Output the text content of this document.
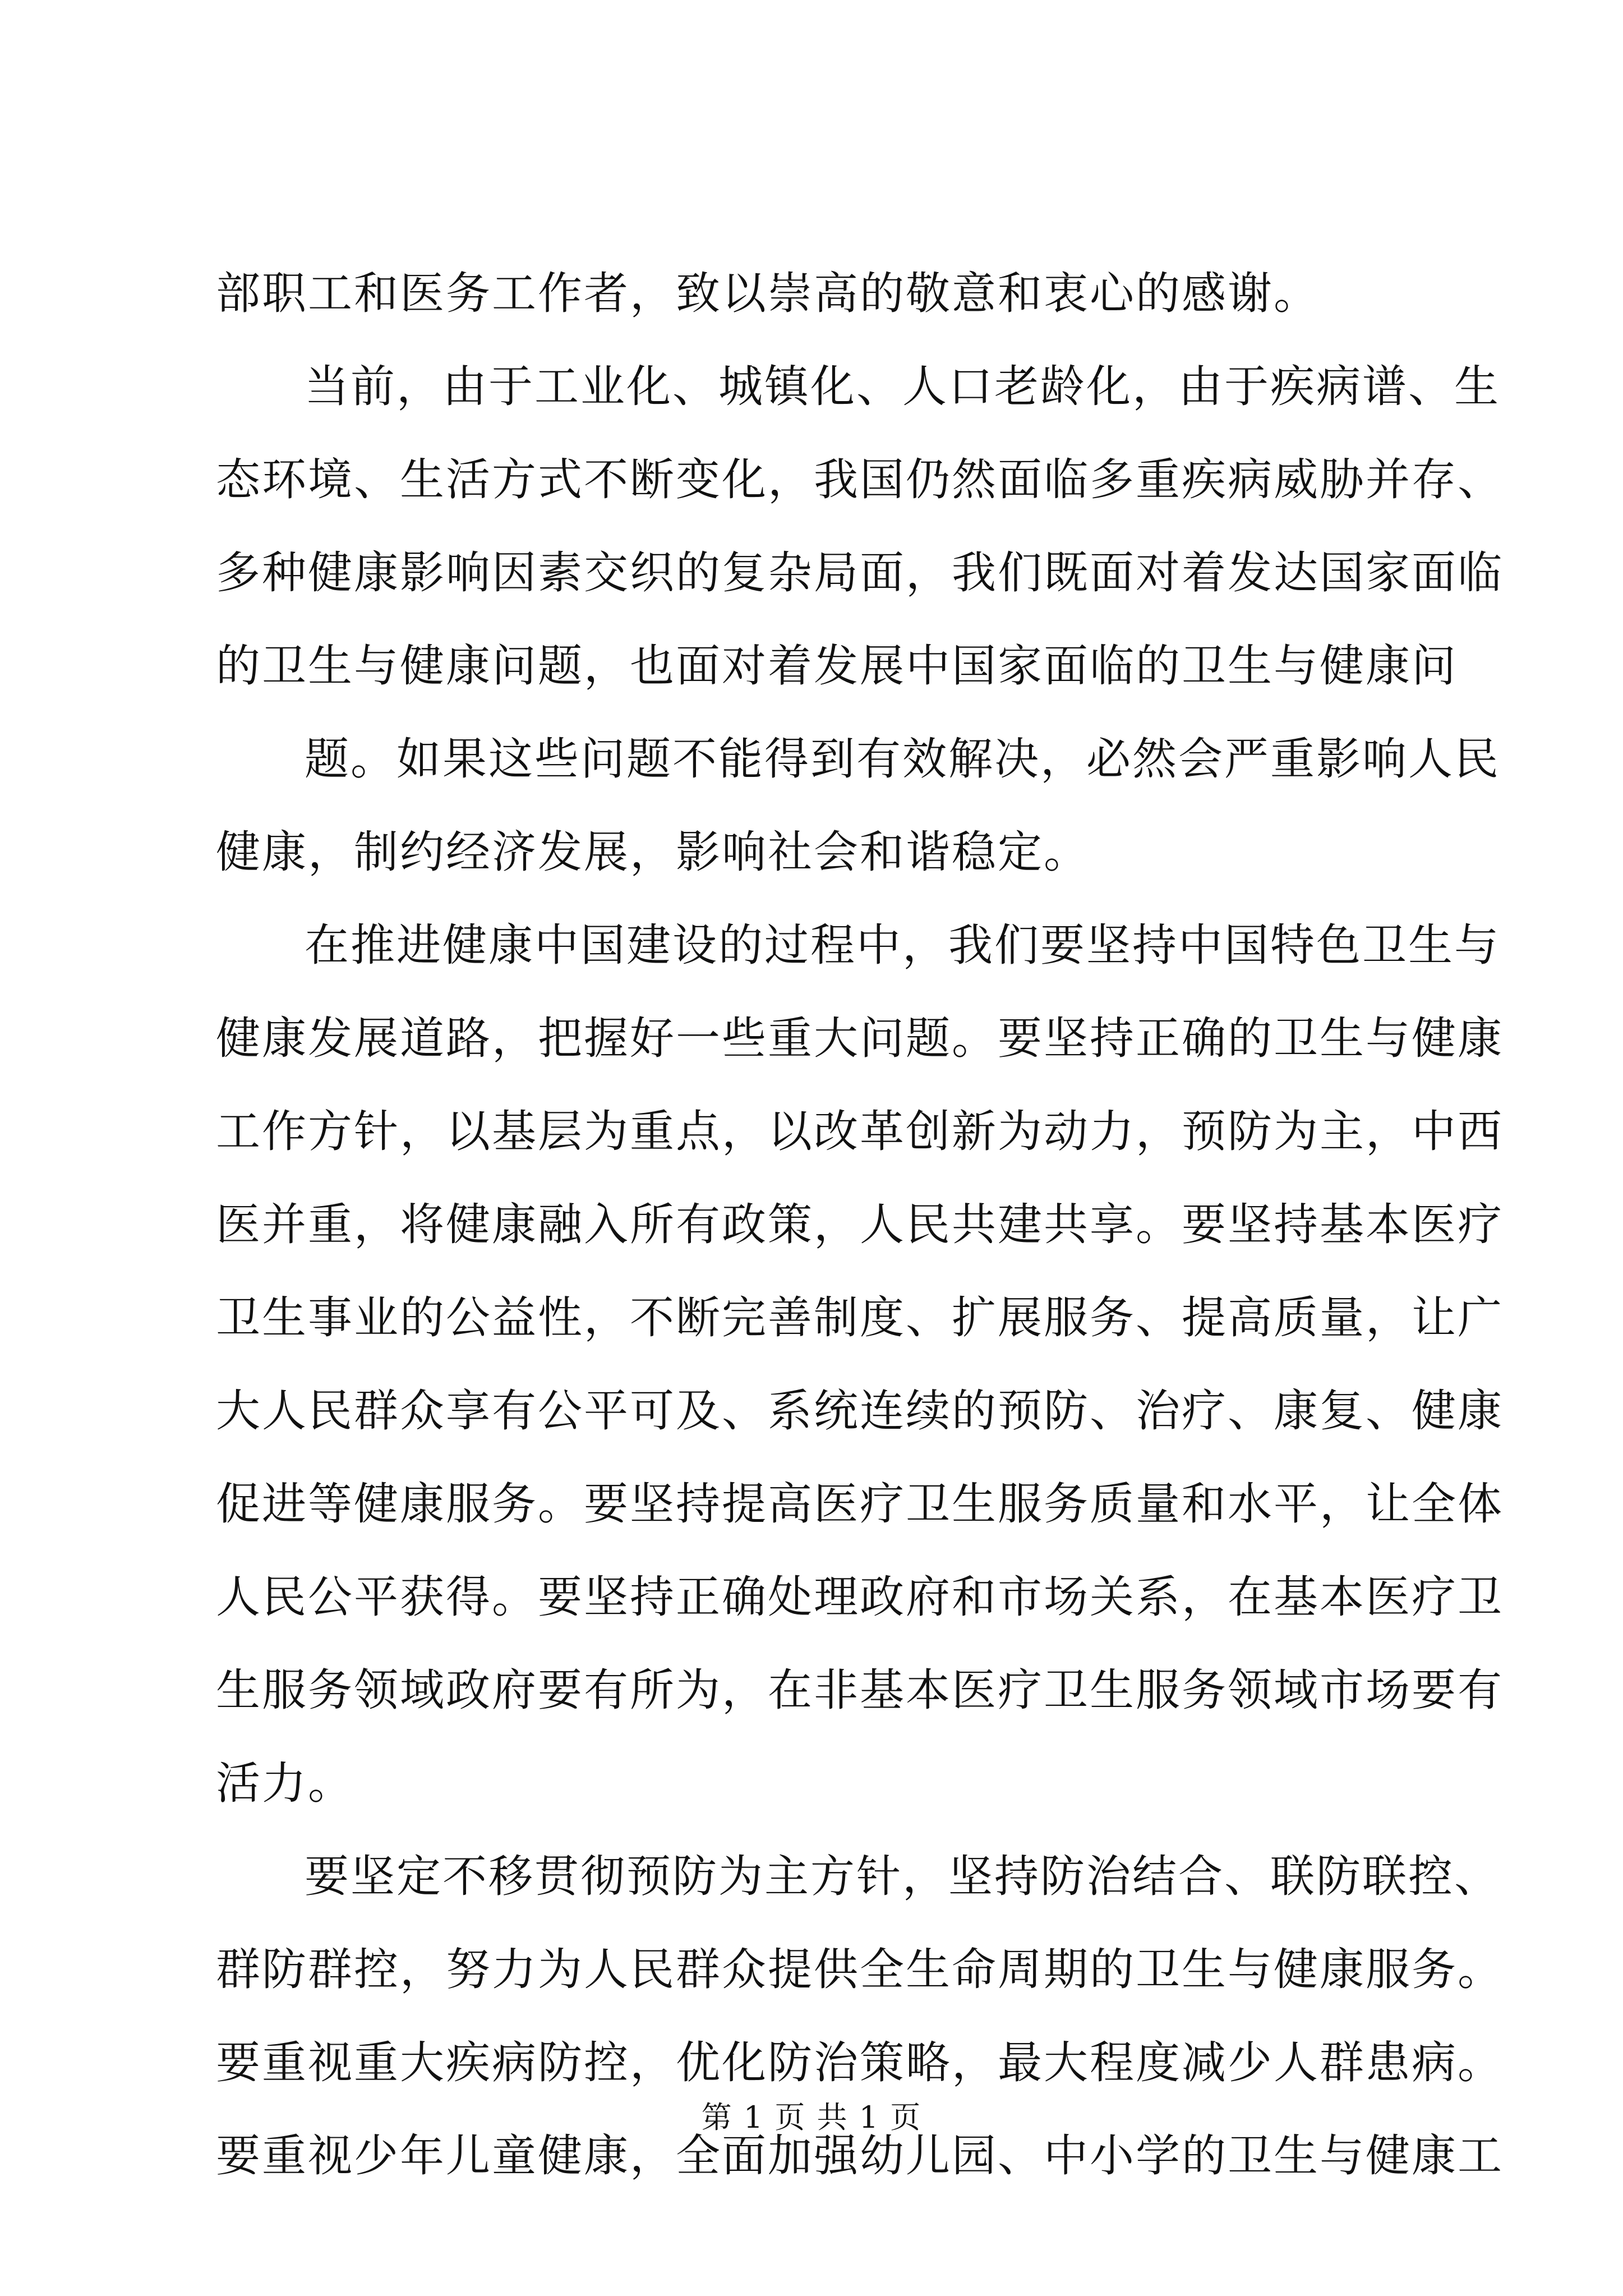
部职工和医务工作者，致以崇高的敬意和衷心的感谢。
当前，由于工业化、城镇化、人口老龄化，由于疾病谱、生
态环境、生活方式不断变化，我国仍然面临多重疾病威胁并存、
多种健康影响因素交织的复杂局面，我们既面对着发达国家面临
的卫生与健康问题，也面对着发展中国家面临的卫生与健康问
题。如果这些问题不能得到有效解决，必然会严重影响人民
健康，制约经济发展，影响社会和谐稳定。
在推进健康中国建设的过程中，我们要坚持中国特色卫生与
健康发展道路，把握好一些重大问题。要坚持正确的卫生与健康
工作方针，以基层为重点，以改革创新为动力，预防为主，中西
医并重，将健康融入所有政策，人民共建共享。要坚持基本医疗
卫生事业的公益性，不断完善制度、扩展服务、提高质量，让广
大人民群众享有公平可及、系统连续的预防、治疗、康复、健康
促进等健康服务。要坚持提高医疗卫生服务质量和水平，让全体
人民公平获得。要坚持正确处理政府和市场关系，在基本医疗卫
生服务领域政府要有所为，在非基本医疗卫生服务领域市场要有
活力。
要坚定不移贯彻预防为主方针，坚持防治结合、联防联控、
群防群控，努力为人民群众提供全生命周期的卫生与健康服务。
要重视重大疾病防控，优化防治策略，最大程度减少人群患病。
要重视少年儿童健康，全面加强幼儿园、中小学的卫生与健康工
第 1 页 共 1 页
